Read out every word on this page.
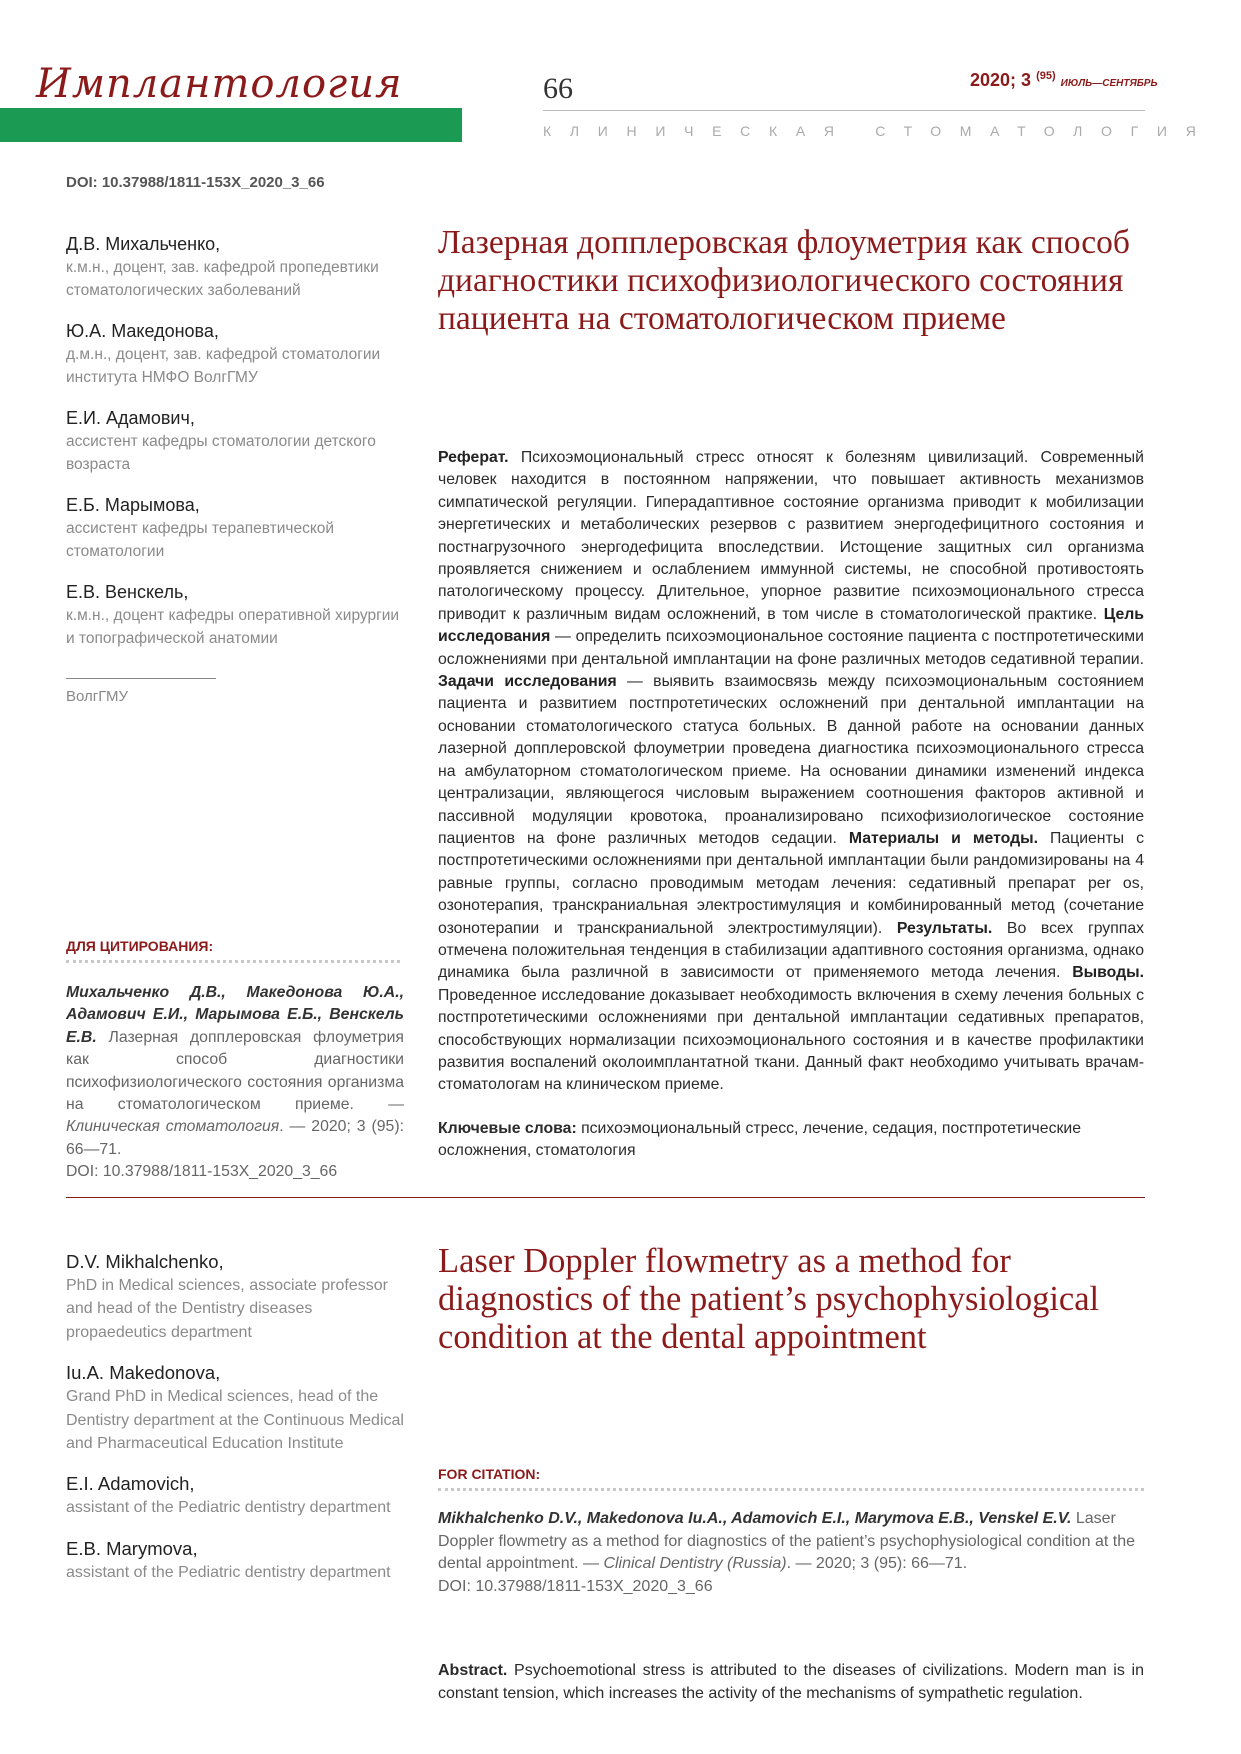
Имплантология	66	2020; 3 $^{(95)}$ ИЮЛЬ—СЕНТЯБРЬ
КЛИНИЧЕСКАЯ СТОМАТОЛОГИЯ
DOI: 10.37988/1811-153X_2020_3_66
Д.В. Михальченко,
к.м.н., доцент, зав. кафедрой пропедевтики стоматологических заболеваний
Ю.А. Македонова,
д.м.н., доцент, зав. кафедрой стоматологии института НМФО ВолгГМУ
Е.И. Адамович,
ассистент кафедры стоматологии детского возраста
Е.Б. Марымова,
ассистент кафедры терапевтической стоматологии
Е.В. Венскель,
к.м.н., доцент кафедры оперативной хирургии и топографической анатомии
ВолгГМУ
Лазерная допплеровская флоуметрия как способ диагностики психофизиологического состояния пациента на стоматологическом приеме
Реферат. Психоэмоциональный стресс относят к болезням цивилизаций. Современный человек находится в постоянном напряжении, что повышает активность механизмов симпатической регуляции. Гиперадаптивное состояние организма приводит к мобилизации энергетических и метаболических резервов с развитием энергодефицитного состояния и постнагрузочного энергодефицита впоследствии. Истощение защитных сил организма проявляется снижением и ослаблением иммунной системы, не способной противостоять патологическому процессу. Длительное, упорное развитие психоэмоционального стресса приводит к различным видам осложнений, в том числе в стоматологической практике. Цель исследования — определить психоэмоциональное состояние пациента с постпротетическими осложнениями при дентальной имплантации на фоне различных методов седативной терапии. Задачи исследования — выявить взаимосвязь между психоэмоциональным состоянием пациента и развитием постпротетических осложнений при дентальной имплантации на основании стоматологического статуса больных. В данной работе на основании данных лазерной допплеровской флоуметрии проведена диагностика психоэмоционального стресса на амбулаторном стоматологическом приеме. На основании динамики изменений индекса централизации, являющегося числовым выражением соотношения факторов активной и пассивной модуляции кровотока, проанализировано психофизиологическое состояние пациентов на фоне различных методов седации. Материалы и методы. Пациенты с постпротетическими осложнениями при дентальной имплантации были рандомизированы на 4 равные группы, согласно проводимым методам лечения: седативный препарат per os, озонотерапия, транскраниальная электростимуляция и комбинированный метод (сочетание озонотерапии и транскраниальной электростимуляции). Результаты. Во всех группах отмечена положительная тенденция в стабилизации адаптивного состояния организма, однако динамика была различной в зависимости от применяемого метода лечения. Выводы. Проведенное исследование доказывает необходимость включения в схему лечения больных с постпротетическими осложнениями при дентальной имплантации седативных препаратов, способствующих нормализации психоэмоционального состояния и в качестве профилактики развития воспалений околоимплантатной ткани. Данный факт необходимо учитывать врачам-стоматологам на клиническом приеме.
Ключевые слова: психоэмоциональный стресс, лечение, седация, постпротетические осложнения, стоматология
ДЛЯ ЦИТИРОВАНИЯ:
Михальченко Д.В., Македонова Ю.А., Адамович Е.И., Марымова Е.Б., Венскель Е.В. Лазерная допплеровская флоуметрия как способ диагностики психофизиологического состояния организма на стоматологическом приеме. — Клиническая стоматология. — 2020; 3 (95): 66—71.
DOI: 10.37988/1811-153X_2020_3_66
D.V. Mikhalchenko,
PhD in Medical sciences, associate professor and head of the Dentistry diseases propaedeutics department
Iu.A. Makedonova,
Grand PhD in Medical sciences, head of the Dentistry department at the Continuous Medical and Pharmaceutical Education Institute
E.I. Adamovich,
assistant of the Pediatric dentistry department
E.B. Marymova,
assistant of the Pediatric dentistry department
Laser Doppler flowmetry as a method for diagnostics of the patient’s psychophysiological condition at the dental appointment
FOR CITATION:
Mikhalchenko D.V., Makedonova Iu.A., Adamovich E.I., Marymova E.B., Venskel E.V. Laser Doppler flowmetry as a method for diagnostics of the patient’s psychophysiological condition at the dental appointment. — Clinical Dentistry (Russia). — 2020; 3 (95): 66—71.
DOI: 10.37988/1811-153X_2020_3_66
Abstract. Psychoemotional stress is attributed to the diseases of civilizations. Modern man is in constant tension, which increases the activity of the mechanisms of sympathetic regulation.
